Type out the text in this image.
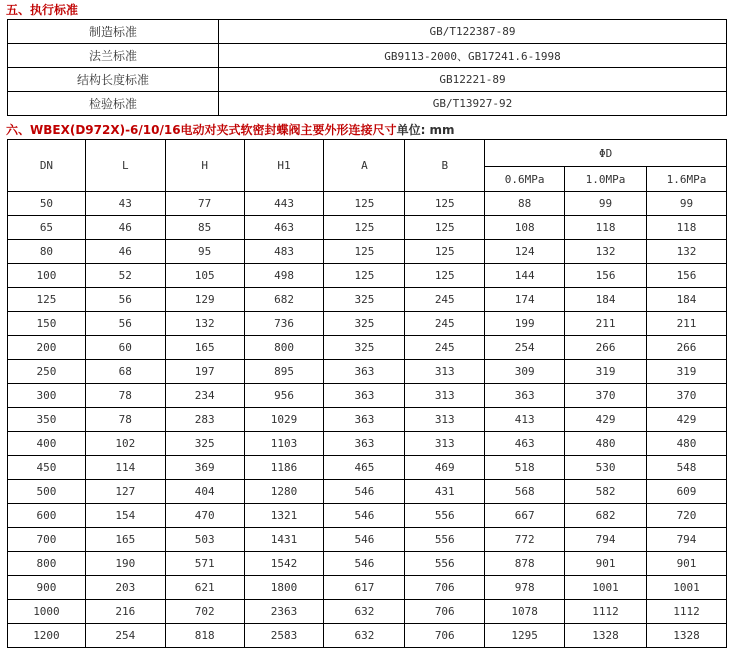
五、执行标准
制造标准	GB/T122387-89
法兰标准	GB9113-2000、GB17241.6-1998
结构长度标准	GB12221-89
检验标准	GB/T13927-92
六、WBEX(D972X)-6/10/16电动对夹式软密封蝶阀主要外形连接尺寸单位: mm
DN	L	H	H1	A	B	ΦD		
						0.6MPa	1.0MPa	1.6MPa
50	43	77	443	125	125	88	99	99
65	46	85	463	125	125	108	118	118
80	46	95	483	125	125	124	132	132
100	52	105	498	125	125	144	156	156
125	56	129	682	325	245	174	184	184
150	56	132	736	325	245	199	211	211
200	60	165	800	325	245	254	266	266
250	68	197	895	363	313	309	319	319
300	78	234	956	363	313	363	370	370
350	78	283	1029	363	313	413	429	429
400	102	325	1103	363	313	463	480	480
450	114	369	1186	465	469	518	530	548
500	127	404	1280	546	431	568	582	609
600	154	470	1321	546	556	667	682	720
700	165	503	1431	546	556	772	794	794
800	190	571	1542	546	556	878	901	901
900	203	621	1800	617	706	978	1001	1001
1000	216	702	2363	632	706	1078	1112	1112
1200	254	818	2583	632	706	1295	1328	1328
